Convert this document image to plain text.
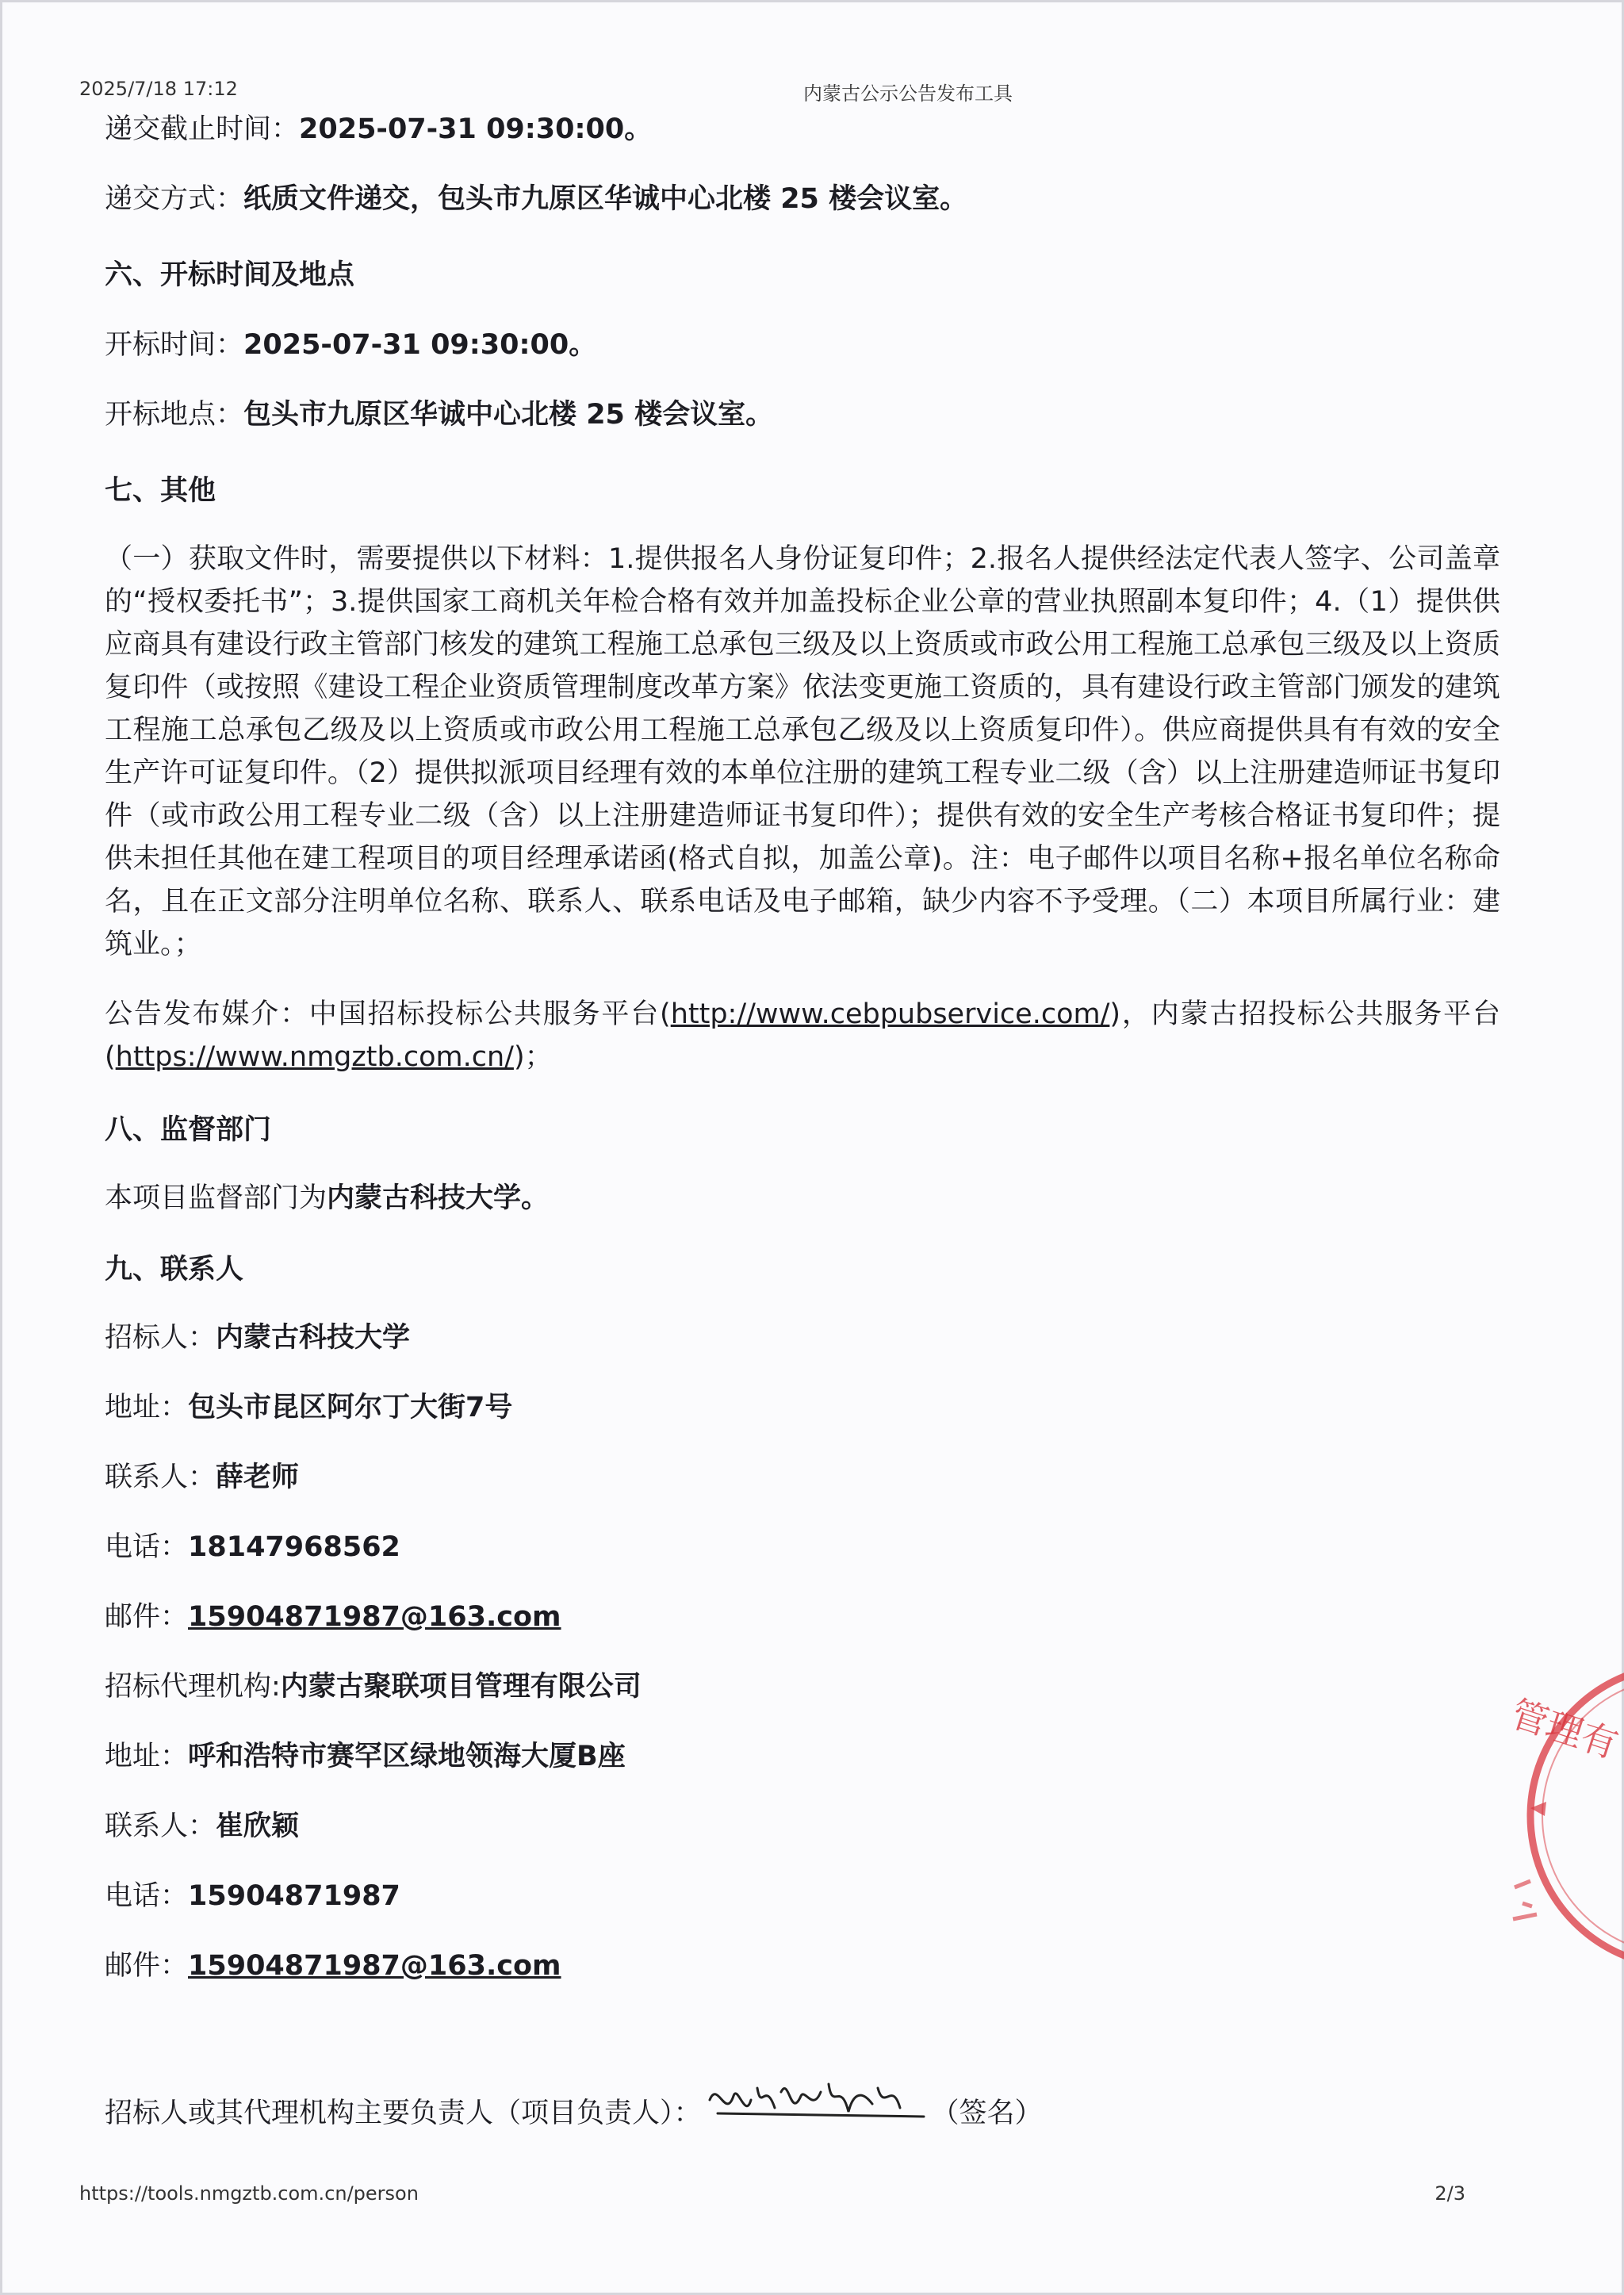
2025/7/18 17:12	内蒙古公示公告发布工具

递交截止时间：2025-07-31 09:30:00。

递交方式：纸质文件递交，包头市九原区华诚中心北楼 25 楼会议室。

六、开标时间及地点

开标时间：2025-07-31 09:30:00。

开标地点：包头市九原区华诚中心北楼 25 楼会议室。

七、其他

（一）获取文件时，需要提供以下材料：1.提供报名人身份证复印件；2.报名人提供经法定代表人签字、公司盖章的“授权委托书”；3.提供国家工商机关年检合格有效并加盖投标企业公章的营业执照副本复印件；4.（1）提供供应商具有建设行政主管部门核发的建筑工程施工总承包三级及以上资质或市政公用工程施工总承包三级及以上资质复印件（或按照《建设工程企业资质管理制度改革方案》依法变更施工资质的，具有建设行政主管部门颁发的建筑工程施工总承包乙级及以上资质或市政公用工程施工总承包乙级及以上资质复印件）。供应商提供具有有效的安全生产许可证复印件。（2）提供拟派项目经理有效的本单位注册的建筑工程专业二级（含）以上注册建造师证书复印件（或市政公用工程专业二级（含）以上注册建造师证书复印件）；提供有效的安全生产考核合格证书复印件；提供未担任其他在建工程项目的项目经理承诺函(格式自拟，加盖公章)。注：电子邮件以项目名称+报名单位名称命名，且在正文部分注明单位名称、联系人、联系电话及电子邮箱，缺少内容不予受理。（二）本项目所属行业：建筑业。；

公告发布媒介：中国招标投标公共服务平台(http://www.cebpubservice.com/)，内蒙古招投标公共服务平台(https://www.nmgztb.com.cn/)；

八、监督部门

本项目监督部门为内蒙古科技大学。

九、联系人

招标人：内蒙古科技大学

地址：包头市昆区阿尔丁大街7号

联系人：薛老师

电话：18147968562

邮件：15904871987@163.com

招标代理机构:内蒙古聚联项目管理有限公司

地址：呼和浩特市赛罕区绿地领海大厦B座

联系人：崔欣颖

电话：15904871987

邮件：15904871987@163.com

招标人或其代理机构主要负责人（项目负责人）：	（签名）
管理有
https://tools.nmgztb.com.cn/person	2/3
